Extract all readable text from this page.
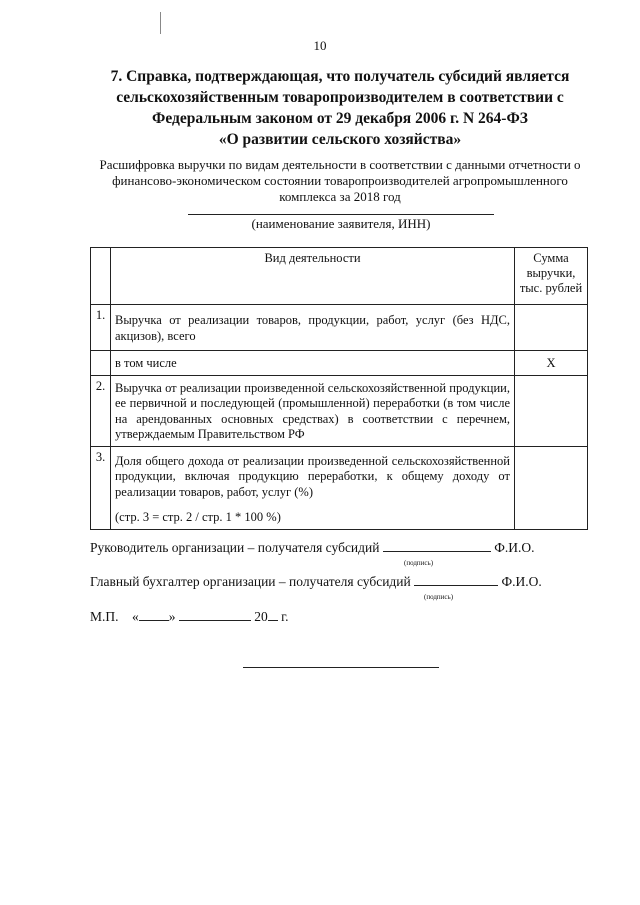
10
7. Справка, подтверждающая, что получатель субсидий является
сельскохозяйственным товаропроизводителем в соответствии с
Федеральным законом от 29 декабря 2006 г. N 264-ФЗ
«О развитии сельского хозяйства»
Расшифровка выручки по видам деятельности в соответствии с данными отчетности о
финансово-экономическом состоянии товаропроизводителей агропромышленного
комплекса за 2018 год
(наименование заявителя, ИНН)
	Вид деятельности	Сумма
выручки,
тыс. рублей

1.	Выручка от реализации товаров, продукции, работ, услуг (без НДС, акцизов), всего	
	в том числе	Х
2.	Выручка от реализации произведенной сельскохозяйственной продукции, ее первичной и последующей (промышленной) переработки (в том числе на арендованных основных средствах) в соответствии с перечнем, утверждаемым Правительством РФ	
3.	Доля общего дохода от реализации произведенной сельскохозяйственной продукции, включая продукцию переработки, к общему доходу от реализации товаров, работ, услуг (%)
(стр. 3 = стр. 2 / стр. 1 * 100 %)	

Руководитель организации – получателя субсидий	Ф.И.О.
(подпись)
Главный бухгалтер организации – получателя субсидий	Ф.И.О.
(подпись)
М.П. « »	20 г.
